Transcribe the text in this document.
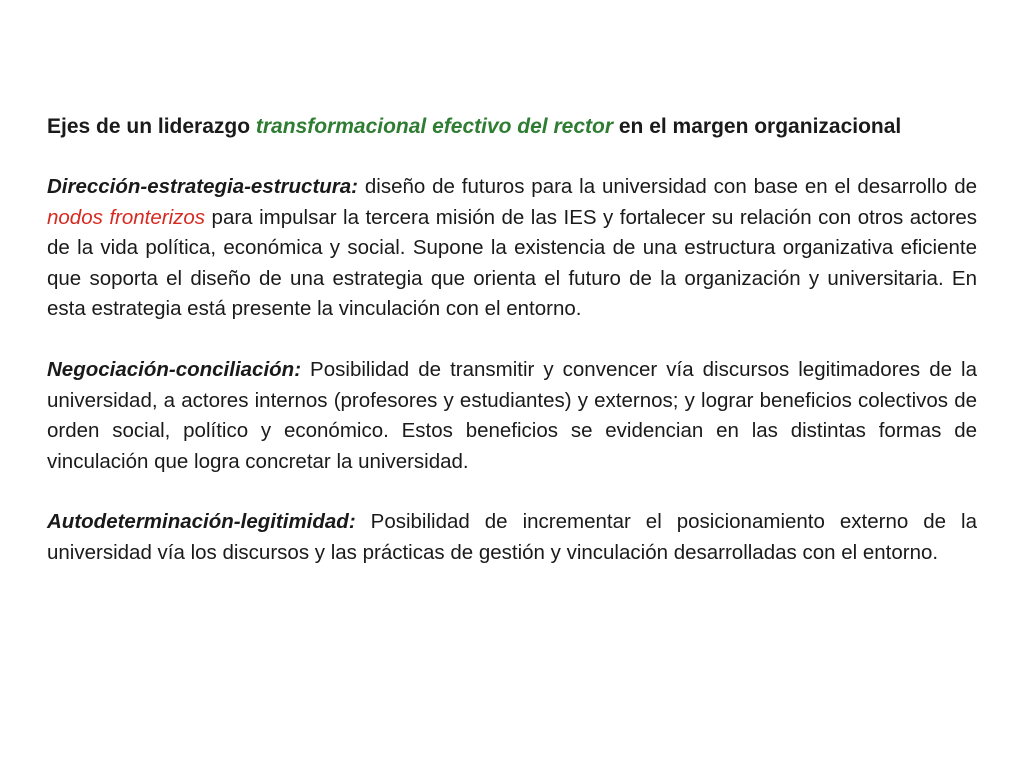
Ejes de un liderazgo transformacional efectivo del rector en el margen organizacional

Dirección-estrategia-estructura: diseño de futuros para la universidad con base en el desarrollo de nodos fronterizos para impulsar la tercera misión de las IES y fortalecer su relación con otros actores de la vida política, económica y social. Supone la existencia de una estructura organizativa eficiente que soporta el diseño de una estrategia que orienta el futuro de la organización y universitaria. En esta estrategia está presente la vinculación con el entorno.

Negociación-conciliación: Posibilidad de transmitir y convencer vía discursos legitimadores de la universidad, a actores internos (profesores y estudiantes) y externos; y lograr beneficios colectivos de orden social, político y económico. Estos beneficios se evidencian en las distintas formas de vinculación que logra concretar la universidad.

Autodeterminación-legitimidad: Posibilidad de incrementar el posicionamiento externo de la universidad vía los discursos y las prácticas de gestión y vinculación desarrolladas con el entorno.
